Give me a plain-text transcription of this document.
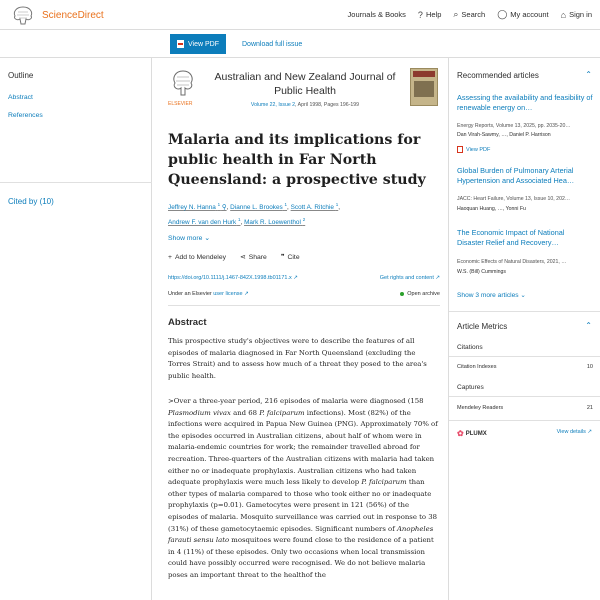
ScienceDirect	Journals & Books ? Help ⌕ Search ◯ My account ⌂ Sign in
View PDF	Download full issue
Outline
Abstract
References
Cited by (10)
ELSEVIER
Australian and New Zealand Journal of Public Health
Volume 22, Issue 2, April 1998, Pages 196-199
Malaria and its implications for public health in Far North Queensland: a prospective study
Jeffrey N. Hanna $^1$ ⚲, Dianne L. Brookes $^1$, Scott A. Ritchie $^1$,
Andrew F. van den Hurk $^1$, Mark R. Loewenthol $^2$
Show more ⌄
+ Add to Mendeley ⋖ Share ❞ Cite
https://doi.org/10.1111/j.1467-842X.1998.tb01171.x ↗	Get rights and content ↗
Under an Elsevier user license ↗	Open archive
Abstract

This prospective study's objectives were to describe the features of all episodes of malaria diagnosed in Far North Queensland (excluding the Torres Strait) and to assess how much of a threat they posed to the area's public health.

>Over a three-year period, 216 episodes of malaria were diagnosed (158 Plasmodium vivax and 68 P. falciparum infections). Most (82%) of the infections were acquired in Papua New Guinea (PNG). Approximately 70% of the episodes occurred in Australian citizens, about half of whom were in malaria-endemic countries for work; the remainder travelled abroad for recreation. Three-quarters of the Australian citizens with malaria had taken either no or inadequate prophylaxis. Australian citizens who had taken adequate prophylaxis were much less likely to develop P. falciparum than other types of malaria compared to those who took either no or inadequate prophylaxis (p=0.01). Gametocytes were present in 121 (56%) of the episodes of malaria. Mosquito surveillance was carried out in response to 38 (31%) of these gametocytaemic episodes. Significant numbers of Anopheles farauti sensu lato mosquitoes were found close to the residence of a patient in 4 (11%) of these episodes. Only two occasions when local transmission could have possibly occurred were recognised. We do not believe malaria poses an important threat to the healthof the

Recommended articles	⌃
Assessing the availability and feasibility of renewable energy on…
Energy Reports, Volume 13, 2025, pp. 2035-20…
Dan Virah-Sawmy, …, Daniel P. Harrison
View PDF
Global Burden of Pulmonary Arterial Hypertension and Associated Hea…
JACC: Heart Failure, Volume 13, Issue 10, 202…
Haoquan Huang, …, Yonni Fu
The Economic Impact of National Disaster Relief and Recovery…
Economic Effects of Natural Disasters, 2021, …
W.S. (Bill) Cummings
Show 3 more articles ⌄
Article Metrics	⌃
Citations
Citation Indexes	10
Captures
Mendeley Readers	21
✿ PLUMX	View details ↗
